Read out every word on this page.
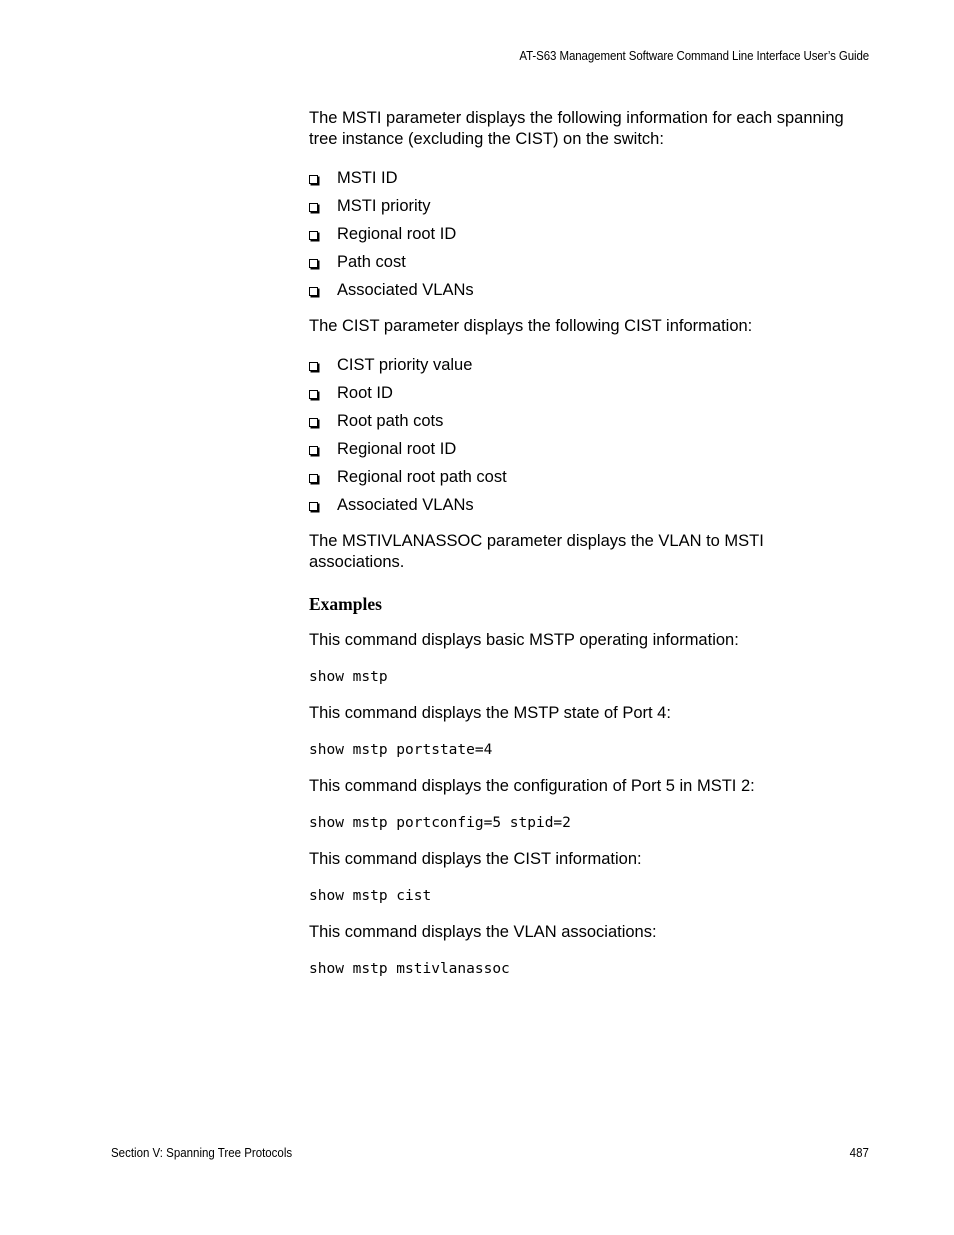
AT-S63 Management Software Command Line Interface User’s Guide

The MSTI parameter displays the following information for each spanning tree instance (excluding the CIST) on the switch:

MSTI ID
MSTI priority
Regional root ID
Path cost
Associated VLANs

The CIST parameter displays the following CIST information:

CIST priority value
Root ID
Root path cots
Regional root ID
Regional root path cost
Associated VLANs

The MSTIVLANASSOC parameter displays the VLAN to MSTI associations.

Examples

This command displays basic MSTP operating information:

show mstp

This command displays the MSTP state of Port 4:

show mstp portstate=4

This command displays the configuration of Port 5 in MSTI 2:

show mstp portconfig=5 stpid=2

This command displays the CIST information:

show mstp cist

This command displays the VLAN associations:

show mstp mstivlanassoc

Section V: Spanning Tree Protocols	487
